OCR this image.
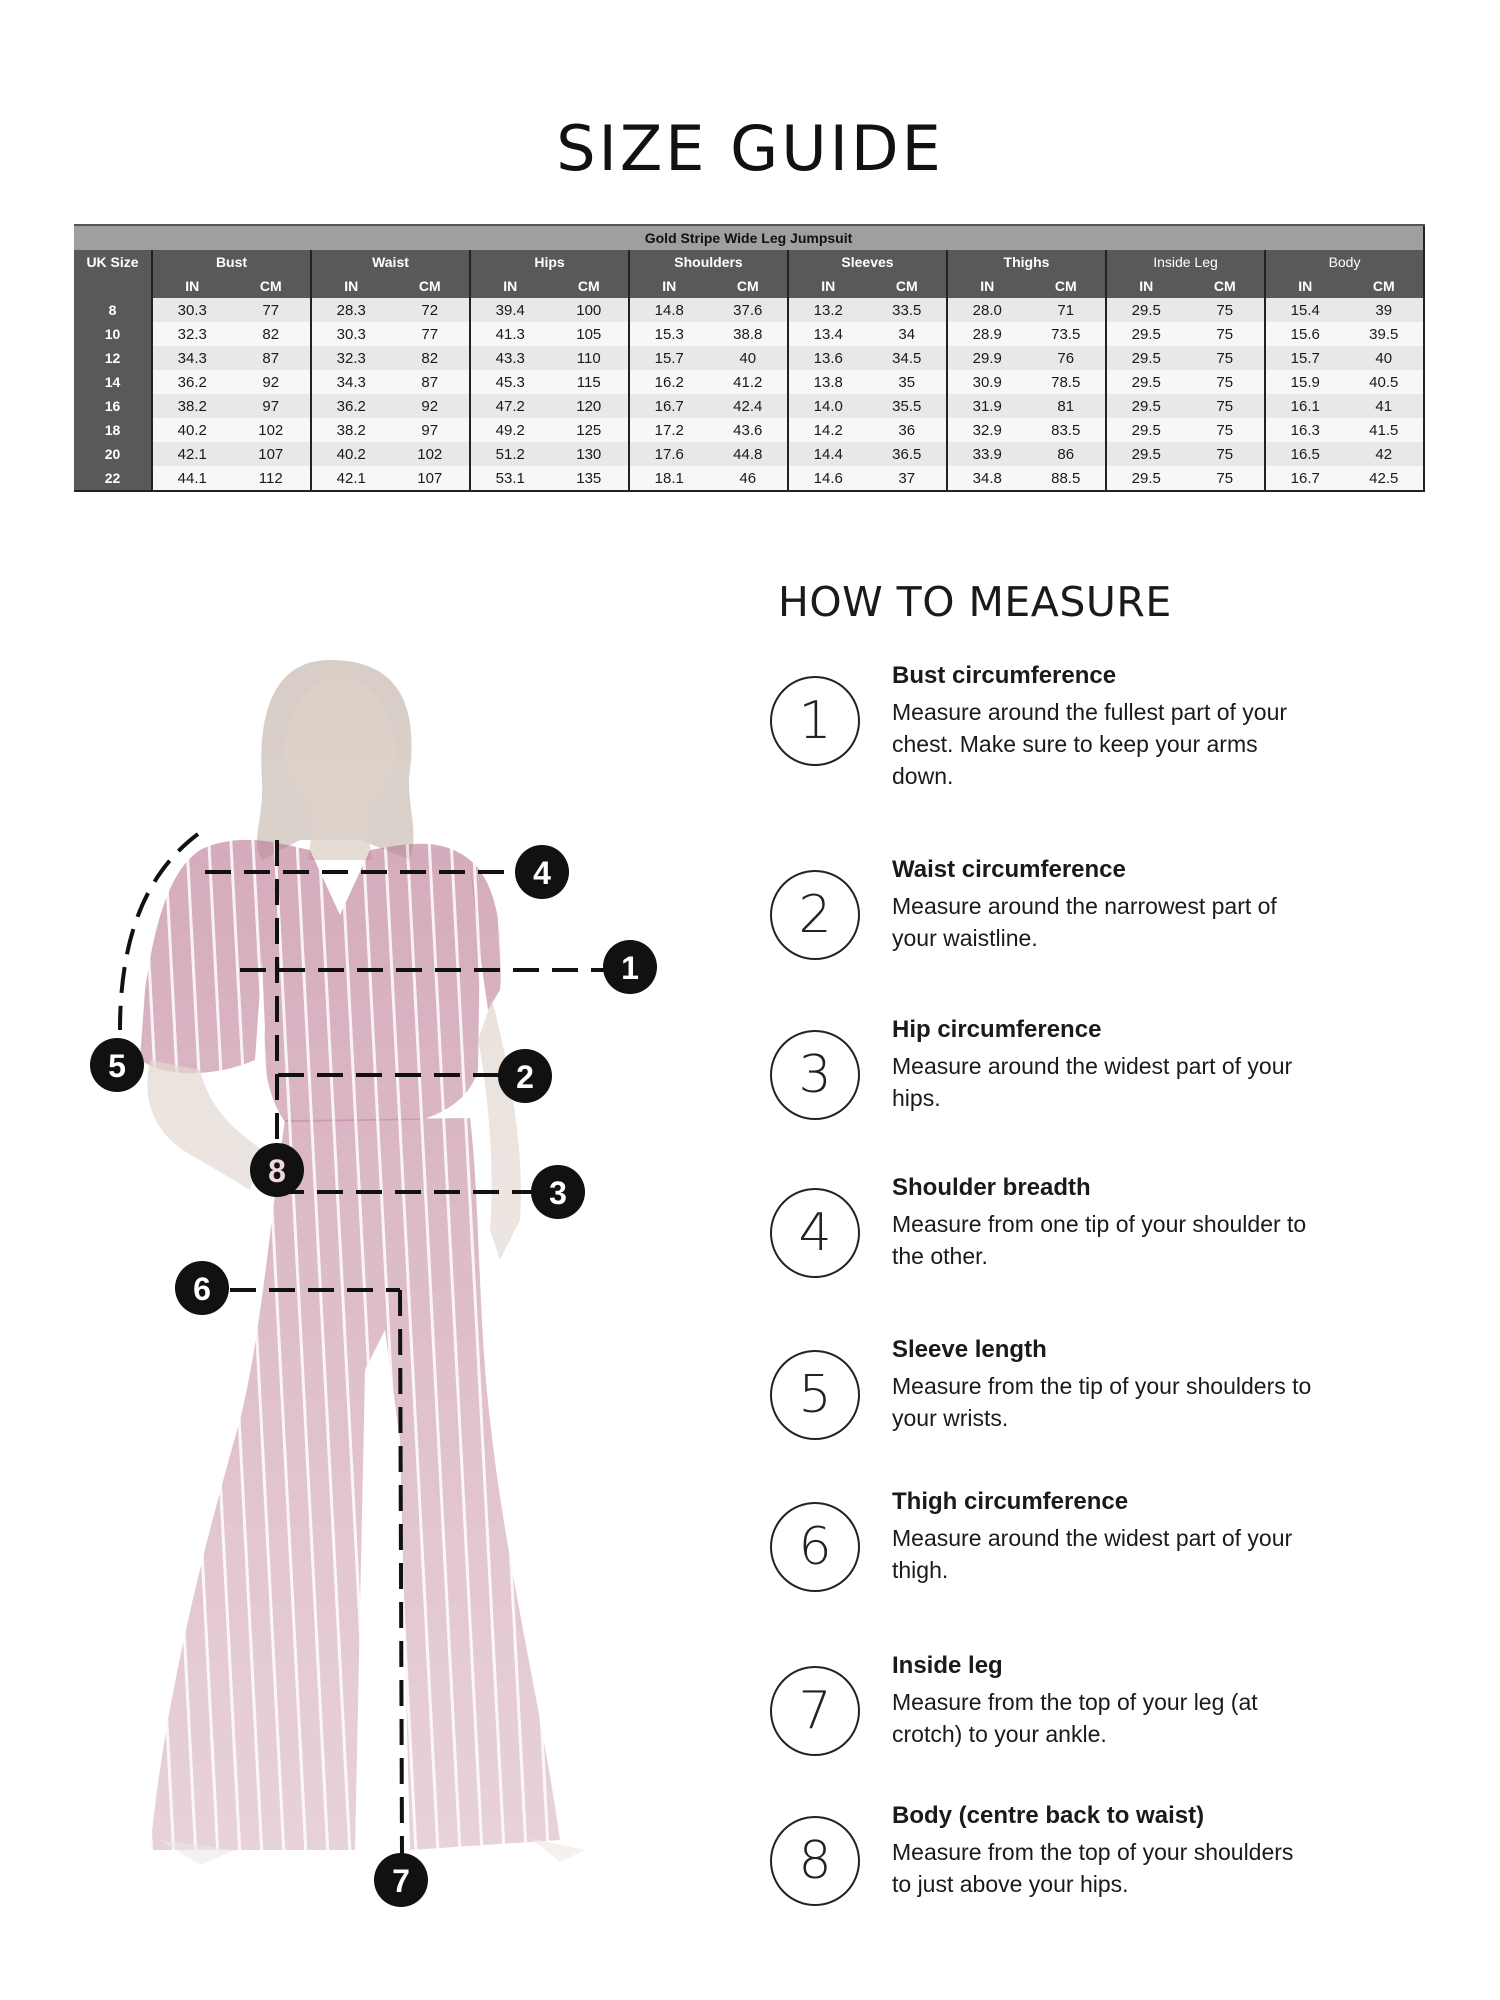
SIZE GUIDE
Gold Stripe Wide Leg Jumpsuit																
UK Size	Bust		Waist		Hips		Shoulders		Sleeves		Thighs		Inside Leg		Body	
	IN	CM	IN	CM	IN	CM	IN	CM	IN	CM	IN	CM	IN	CM	IN	CM
8	30.3	77	28.3	72	39.4	100	14.8	37.6	13.2	33.5	28.0	71	29.5	75	15.4	39
10	32.3	82	30.3	77	41.3	105	15.3	38.8	13.4	34	28.9	73.5	29.5	75	15.6	39.5
12	34.3	87	32.3	82	43.3	110	15.7	40	13.6	34.5	29.9	76	29.5	75	15.7	40
14	36.2	92	34.3	87	45.3	115	16.2	41.2	13.8	35	30.9	78.5	29.5	75	15.9	40.5
16	38.2	97	36.2	92	47.2	120	16.7	42.4	14.0	35.5	31.9	81	29.5	75	16.1	41
18	40.2	102	38.2	97	49.2	125	17.2	43.6	14.2	36	32.9	83.5	29.5	75	16.3	41.5
20	42.1	107	40.2	102	51.2	130	17.6	44.8	14.4	36.5	33.9	86	29.5	75	16.5	42
22	44.1	112	42.1	107	53.1	135	18.1	46	14.6	37	34.8	88.5	29.5	75	16.7	42.5
1
2
3
4
5
6
7
8
HOW TO MEASURE
1
Bust circumference
Measure around the fullest part of your chest. Make sure to keep your arms down.
2
Waist circumference
Measure around the narrowest part of your waistline.
3
Hip circumference
Measure around the widest part of your hips.
4
Shoulder breadth
Measure from one tip of your shoulder to the other.
5
Sleeve length
Measure from the tip of your shoulders to your wrists.
6
Thigh circumference
Measure around the widest part of your thigh.
7
Inside leg
Measure from the top of your leg (at crotch) to your ankle.
8
Body (centre back to waist)
Measure from the top of your shoulders to just above your hips.
